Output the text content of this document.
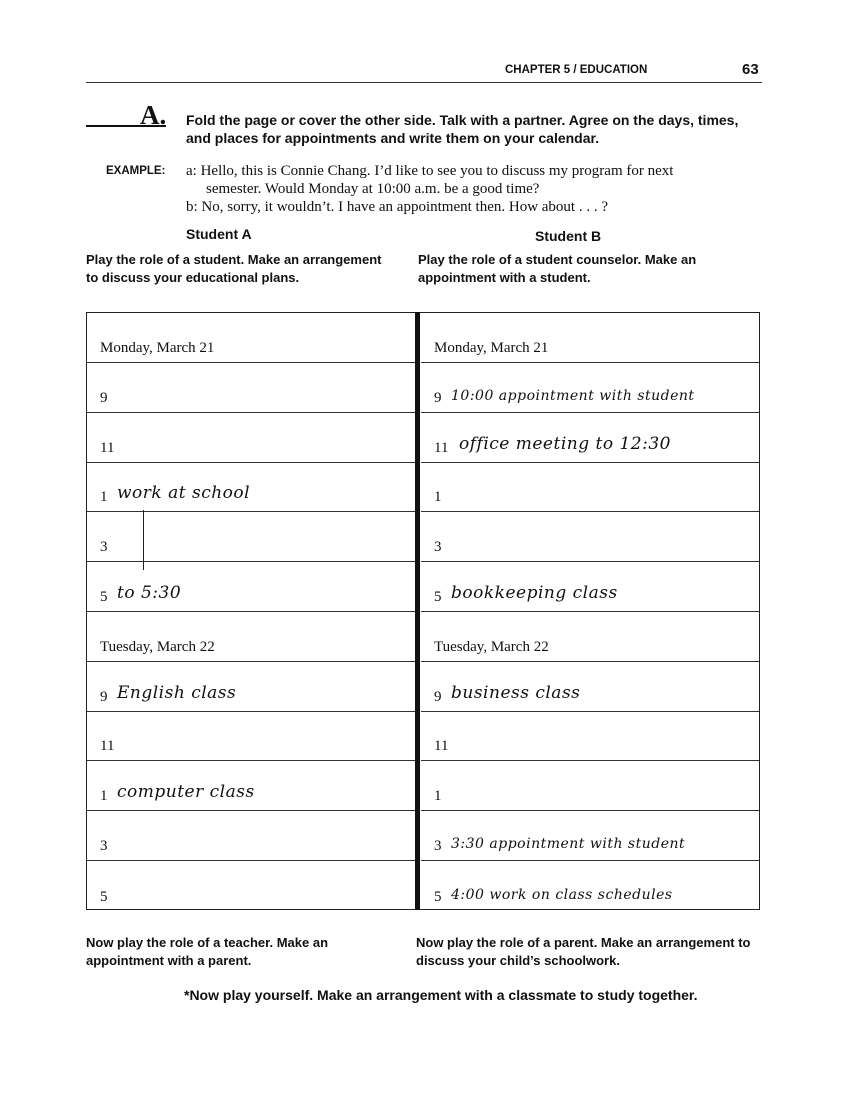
CHAPTER 5 / EDUCATION	63
A. Fold the page or cover the other side. Talk with a partner. Agree on the days, times, and places for appointments and write them on your calendar.
EXAMPLE: a: Hello, this is Connie Chang. I’d like to see you to discuss my program for next
semester. Would Monday at 10:00 a.m. be a good time?
b: No, sorry, it wouldn’t. I have an appointment then. How about . . . ?
Student A	Student B
Play the role of a student. Make an arrangement to discuss your educational plans.
Play the role of a student counselor. Make an appointment with a student.
Monday, March 21
9
11
1 work at school
3
5 to 5:30
Tuesday, March 22
9 English class
11
1 computer class
3
5
Monday, March 21
9 10:00 appointment with student
11 office meeting to 12:30
1
3
5 bookkeeping class
Tuesday, March 22
9 business class
11
1
3 3:30 appointment with student
5 4:00 work on class schedules
Now play the role of a teacher. Make an appointment with a parent.
Now play the role of a parent. Make an arrangement to discuss your child’s schoolwork.
*Now play yourself. Make an arrangement with a classmate to study together.
